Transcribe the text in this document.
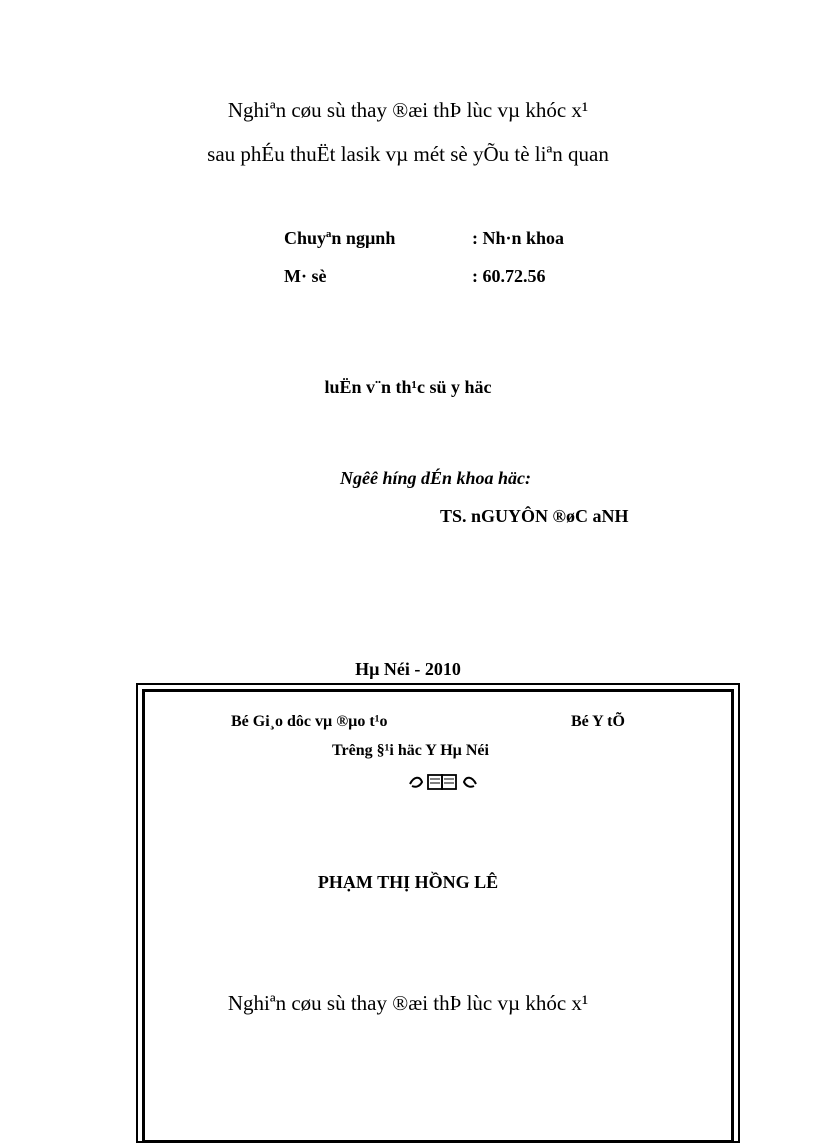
Nghiªn cøu sù thay ®æi thÞ lùc vµ khóc x¹
sau phÉu thuËt lasik vµ mét sè yÕu tè liªn quan
Chuyªn ngµnh	: Nh·n khoa
M· sè	: 60.72.56
luËn v¨n th¹c sü y häc
Ngêê híng dÉn khoa häc:
TS. nGUYÔN ®øC aNH
Hµ Néi - 2010
Bé Gi¸o dôc vµ ®µo t¹o	Bé Y tÕ
Trêng §¹i häc Y Hµ Néi
PHẠM THỊ HỒNG LÊ
Nghiªn cøu sù thay ®æi thÞ lùc vµ khóc x¹
